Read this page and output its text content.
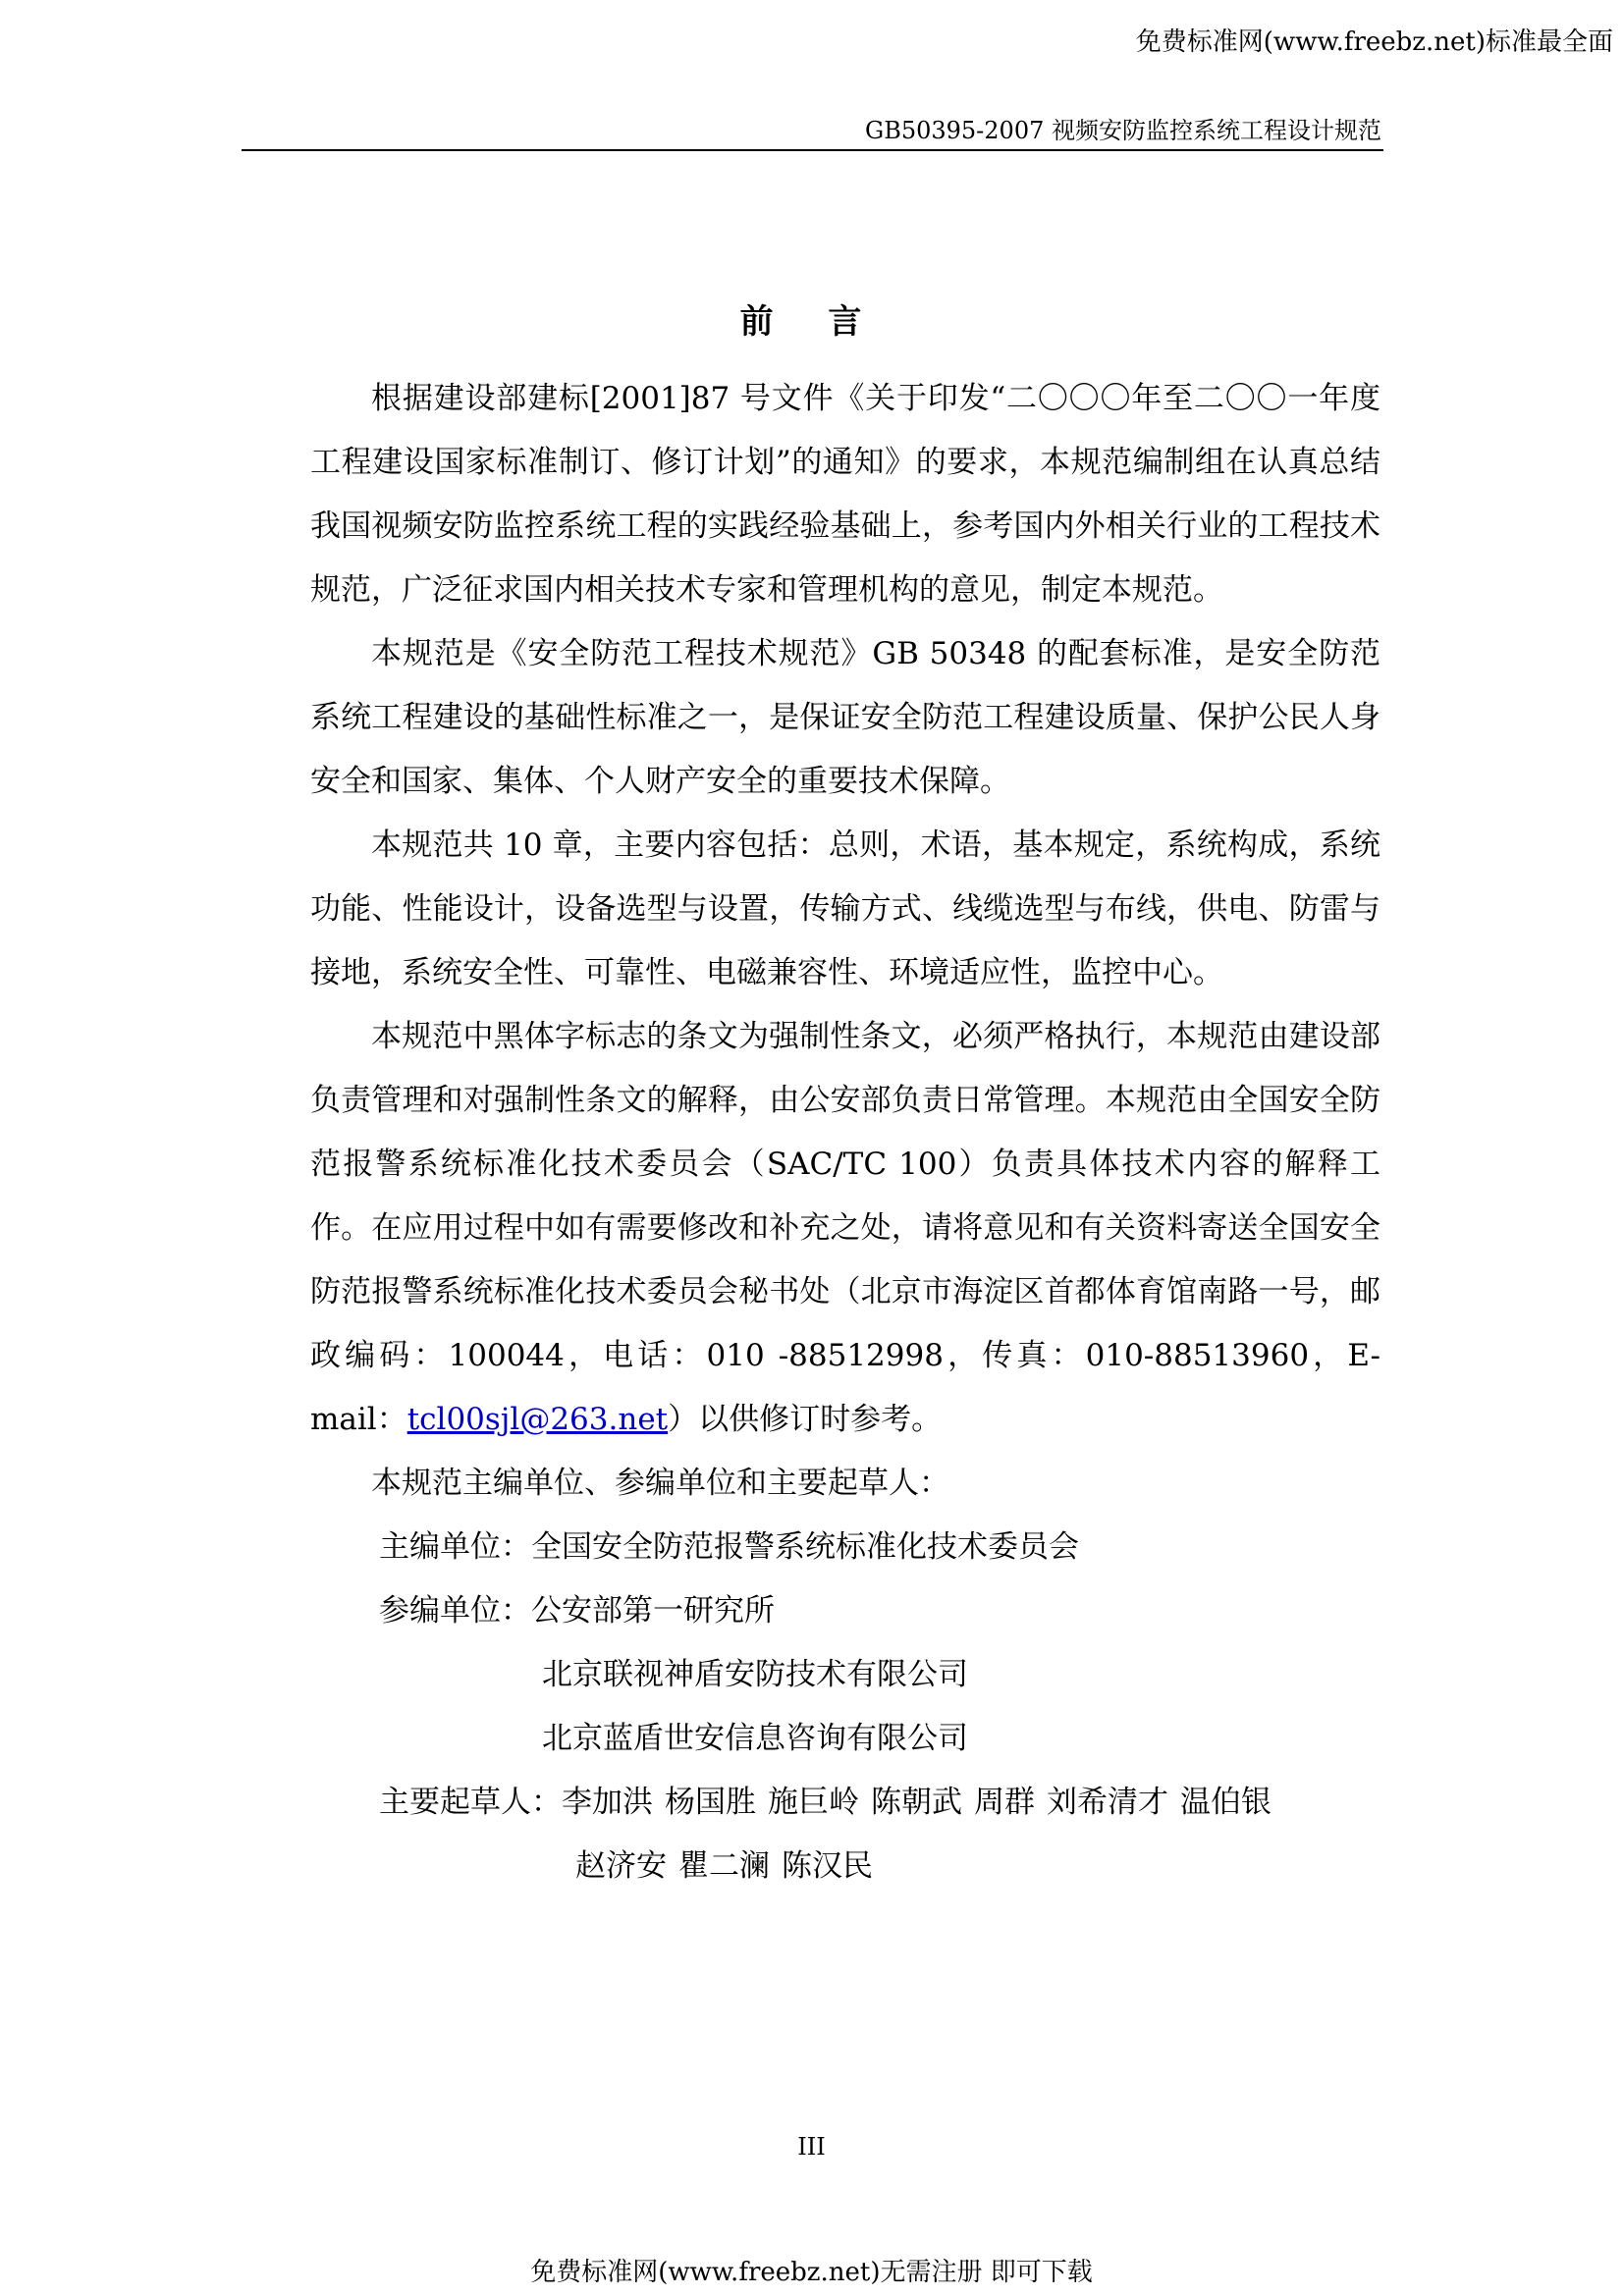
免费标准网(www.freebz.net)标准最全面
GB50395-2007 视频安防监控系统工程设计规范
前 言

根据建设部建标[2001]87 号文件《关于印发“二〇〇〇年至二〇〇一年度工程建设国家标准制订、修订计划”的通知》的要求，本规范编制组在认真总结我国视频安防监控系统工程的实践经验基础上，参考国内外相关行业的工程技术规范，广泛征求国内相关技术专家和管理机构的意见，制定本规范。

本规范是《安全防范工程技术规范》GB 50348 的配套标准，是安全防范系统工程建设的基础性标准之一，是保证安全防范工程建设质量、保护公民人身安全和国家、集体、个人财产安全的重要技术保障。

本规范共 10 章，主要内容包括：总则，术语，基本规定，系统构成，系统功能、性能设计，设备选型与设置，传输方式、线缆选型与布线，供电、防雷与接地，系统安全性、可靠性、电磁兼容性、环境适应性，监控中心。

本规范中黑体字标志的条文为强制性条文，必须严格执行，本规范由建设部负责管理和对强制性条文的解释，由公安部负责日常管理。本规范由全国安全防范报警系统标准化技术委员会（SAC/TC 100）负责具体技术内容的解释工作。在应用过程中如有需要修改和补充之处，请将意见和有关资料寄送全国安全防范报警系统标准化技术委员会秘书处（北京市海淀区首都体育馆南路一号，邮政编码：100044，电话：010 -88512998，传真：010-88513960，E-mail：tcl00sjl@263.net）以供修订时参考。

本规范主编单位、参编单位和主要起草人：

主编单位：全国安全防范报警系统标准化技术委员会
参编单位：公安部第一研究所
北京联视神盾安防技术有限公司
北京蓝盾世安信息咨询有限公司
主要起草人：李加洪 杨国胜 施巨岭 陈朝武 周群 刘希清才 温伯银
赵济安 瞿二澜 陈汉民
III
免费标准网(www.freebz.net)无需注册 即可下载
